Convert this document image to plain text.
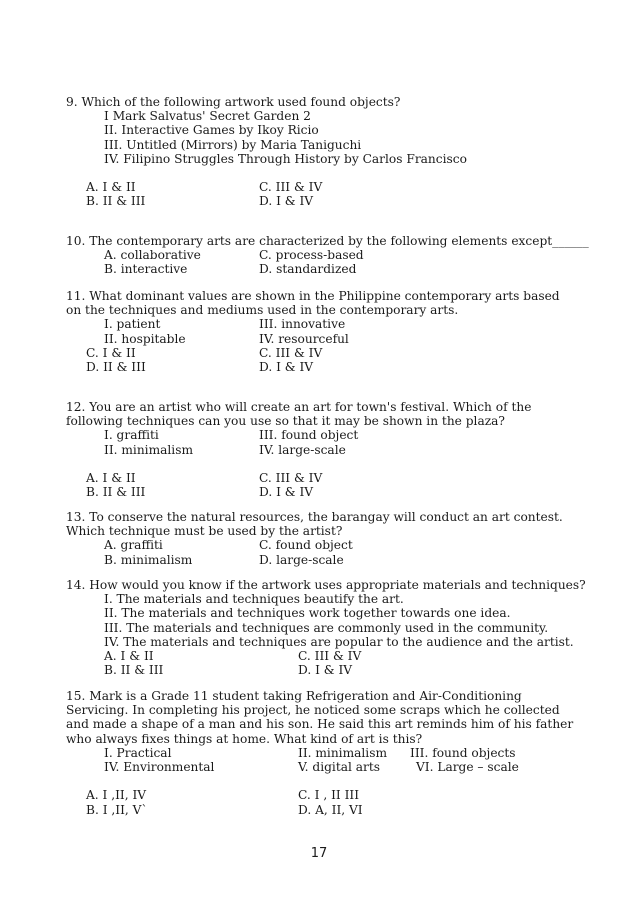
9. Which of the following artwork used found objects?
I Mark Salvatus' Secret Garden 2
II. Interactive Games by Ikoy Ricio
III. Untitled (Mirrors) by Maria Taniguchi
IV. Filipino Struggles Through History by Carlos Francisco
A. I & II	C. III & IV
B. II & III	D. I & IV
10. The contemporary arts are characterized by the following elements except______
A. collaborative	C. process-based
B. interactive	D. standardized
11. What dominant values are shown in the Philippine contemporary arts based on the techniques and mediums used in the contemporary arts.
I. patient	III. innovative
II. hospitable	IV. resourceful
C. I & II	C. III & IV
D. II & III	D. I & IV
12. You are an artist who will create an art for town's festival. Which of the following techniques can you use so that it may be shown in the plaza?
I. graffiti	III. found object
II. minimalism	IV. large-scale
A. I & II	C. III & IV
B. II & III	D. I & IV
13. To conserve the natural resources, the barangay will conduct an art contest. Which technique must be used by the artist?
A. graffiti	C. found object
B. minimalism	D. large-scale
14. How would you know if the artwork uses appropriate materials and techniques?
I. The materials and techniques beautify the art.
II. The materials and techniques work together towards one idea.
III. The materials and techniques are commonly used in the community.
IV. The materials and techniques are popular to the audience and the artist.
A. I & II	C. III & IV
B. II & III	D. I & IV
15. Mark is a Grade 11 student taking Refrigeration and Air-Conditioning Servicing. In completing his project, he noticed some scraps which he collected and made a shape of a man and his son. He said this art reminds him of his father who always fixes things at home. What kind of art is this?
I. Practical	II. minimalism III. found objects
IV. Environmental	V. digital arts	VI. Large – scale
A. I ,II, IV	C. I , II III
B. I ,II, V`	D. A, II, VI
17
